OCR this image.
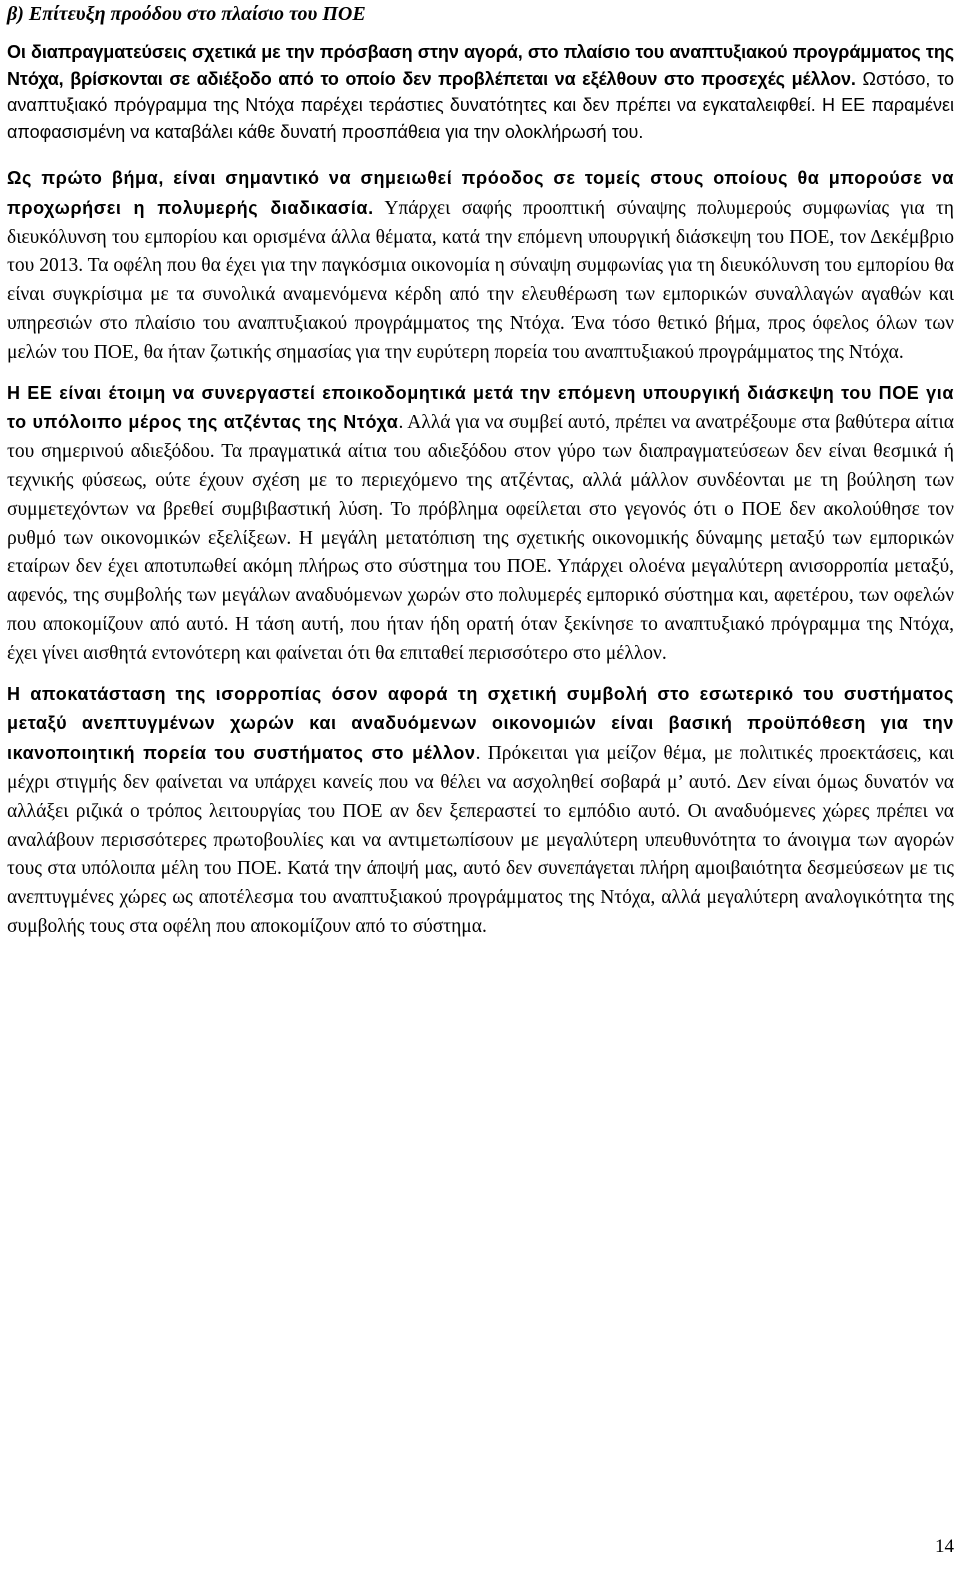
β) Επίτευξη προόδου στο πλαίσιο του ΠΟΕ

Οι διαπραγματεύσεις σχετικά με την πρόσβαση στην αγορά, στο πλαίσιο του αναπτυξιακού προγράμματος της Ντόχα, βρίσκονται σε αδιέξοδο από το οποίο δεν προβλέπεται να εξέλθουν στο προσεχές μέλλον. Ωστόσο, το αναπτυξιακό πρόγραμμα της Ντόχα παρέχει τεράστιες δυνατότητες και δεν πρέπει να εγκαταλειφθεί. Η ΕΕ παραμένει αποφασισμένη να καταβάλει κάθε δυνατή προσπάθεια για την ολοκλήρωσή του.

Ως πρώτο βήμα, είναι σημαντικό να σημειωθεί πρόοδος σε τομείς στους οποίους θα μπορούσε να προχωρήσει η πολυμερής διαδικασία. Υπάρχει σαφής προοπτική σύναψης πολυμερούς συμφωνίας για τη διευκόλυνση του εμπορίου και ορισμένα άλλα θέματα, κατά την επόμενη υπουργική διάσκεψη του ΠΟΕ, τον Δεκέμβριο του 2013. Τα οφέλη που θα έχει για την παγκόσμια οικονομία η σύναψη συμφωνίας για τη διευκόλυνση του εμπορίου θα είναι συγκρίσιμα με τα συνολικά αναμενόμενα κέρδη από την ελευθέρωση των εμπορικών συναλλαγών αγαθών και υπηρεσιών στο πλαίσιο του αναπτυξιακού προγράμματος της Ντόχα. Ένα τόσο θετικό βήμα, προς όφελος όλων των μελών του ΠΟΕ, θα ήταν ζωτικής σημασίας για την ευρύτερη πορεία του αναπτυξιακού προγράμματος της Ντόχα.

Η ΕΕ είναι έτοιμη να συνεργαστεί εποικοδομητικά μετά την επόμενη υπουργική διάσκεψη του ΠΟΕ για το υπόλοιπο μέρος της ατζέντας της Ντόχα. Αλλά για να συμβεί αυτό, πρέπει να ανατρέξουμε στα βαθύτερα αίτια του σημερινού αδιεξόδου. Τα πραγματικά αίτια του αδιεξόδου στον γύρο των διαπραγματεύσεων δεν είναι θεσμικά ή τεχνικής φύσεως, ούτε έχουν σχέση με το περιεχόμενο της ατζέντας, αλλά μάλλον συνδέονται με τη βούληση των συμμετεχόντων να βρεθεί συμβιβαστική λύση. Το πρόβλημα οφείλεται στο γεγονός ότι ο ΠΟΕ δεν ακολούθησε τον ρυθμό των οικονομικών εξελίξεων. Η μεγάλη μετατόπιση της σχετικής οικονομικής δύναμης μεταξύ των εμπορικών εταίρων δεν έχει αποτυπωθεί ακόμη πλήρως στο σύστημα του ΠΟΕ. Υπάρχει ολοένα μεγαλύτερη ανισορροπία μεταξύ, αφενός, της συμβολής των μεγάλων αναδυόμενων χωρών στο πολυμερές εμπορικό σύστημα και, αφετέρου, των οφελών που αποκομίζουν από αυτό. Η τάση αυτή, που ήταν ήδη ορατή όταν ξεκίνησε το αναπτυξιακό πρόγραμμα της Ντόχα, έχει γίνει αισθητά εντονότερη και φαίνεται ότι θα επιταθεί περισσότερο στο μέλλον.

Η αποκατάσταση της ισορροπίας όσον αφορά τη σχετική συμβολή στο εσωτερικό του συστήματος μεταξύ ανεπτυγμένων χωρών και αναδυόμενων οικονομιών είναι βασική προϋπόθεση για την ικανοποιητική πορεία του συστήματος στο μέλλον. Πρόκειται για μείζον θέμα, με πολιτικές προεκτάσεις, και μέχρι στιγμής δεν φαίνεται να υπάρχει κανείς που να θέλει να ασχοληθεί σοβαρά μ’ αυτό. Δεν είναι όμως δυνατόν να αλλάξει ριζικά ο τρόπος λειτουργίας του ΠΟΕ αν δεν ξεπεραστεί το εμπόδιο αυτό. Οι αναδυόμενες χώρες πρέπει να αναλάβουν περισσότερες πρωτοβουλίες και να αντιμετωπίσουν με μεγαλύτερη υπευθυνότητα το άνοιγμα των αγορών τους στα υπόλοιπα μέλη του ΠΟΕ. Κατά την άποψή μας, αυτό δεν συνεπάγεται πλήρη αμοιβαιότητα δεσμεύσεων με τις ανεπτυγμένες χώρες ως αποτέλεσμα του αναπτυξιακού προγράμματος της Ντόχα, αλλά μεγαλύτερη αναλογικότητα της συμβολής τους στα οφέλη που αποκομίζουν από το σύστημα.

14
